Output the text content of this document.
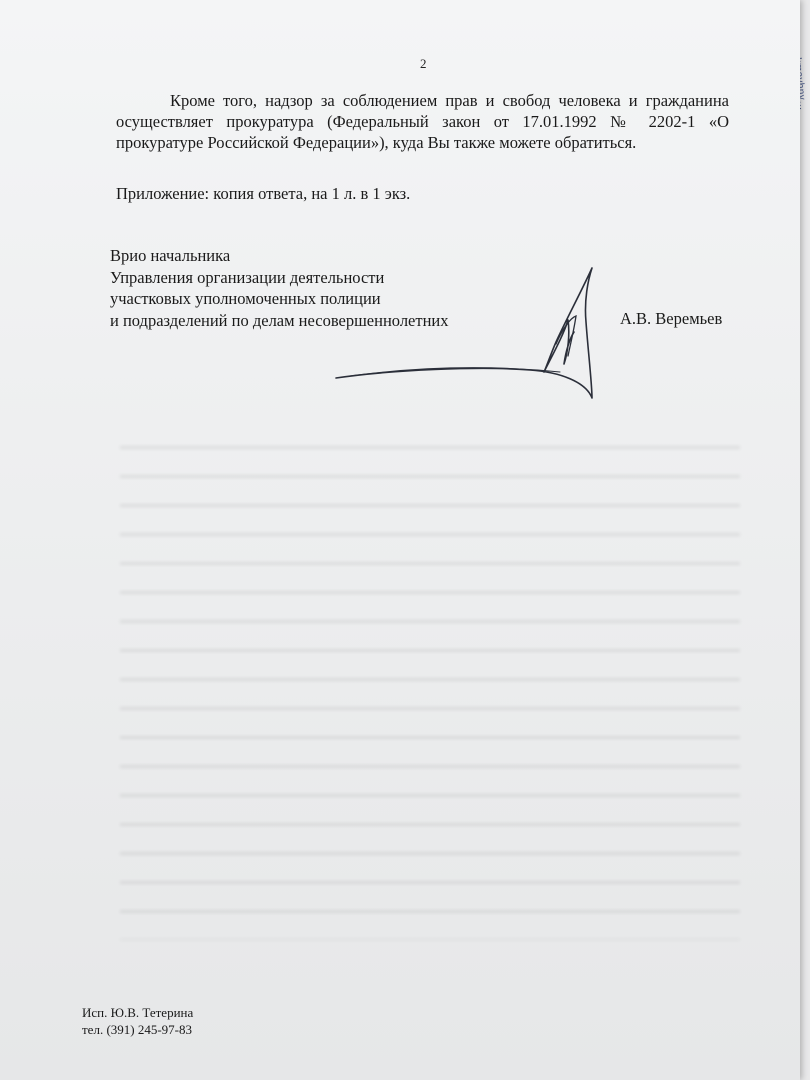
2

Кроме того, надзор за соблюдением прав и свобод человека и гражданина осуществляет прокуратура (Федеральный закон от 17.01.1992 № 2202-1 «О прокуратуре Российской Федерации»), куда Вы также можете обратиться.

Приложение: копия ответа, на 1 л. в 1 экз.

Врио начальника
Управления организации деятельности
участковых уполномоченных полиции
и подразделений по делам несовершеннолетних	А.В. Веремьев
Исп. Ю.В. Тетерина
тел. (391) 245-97-83
